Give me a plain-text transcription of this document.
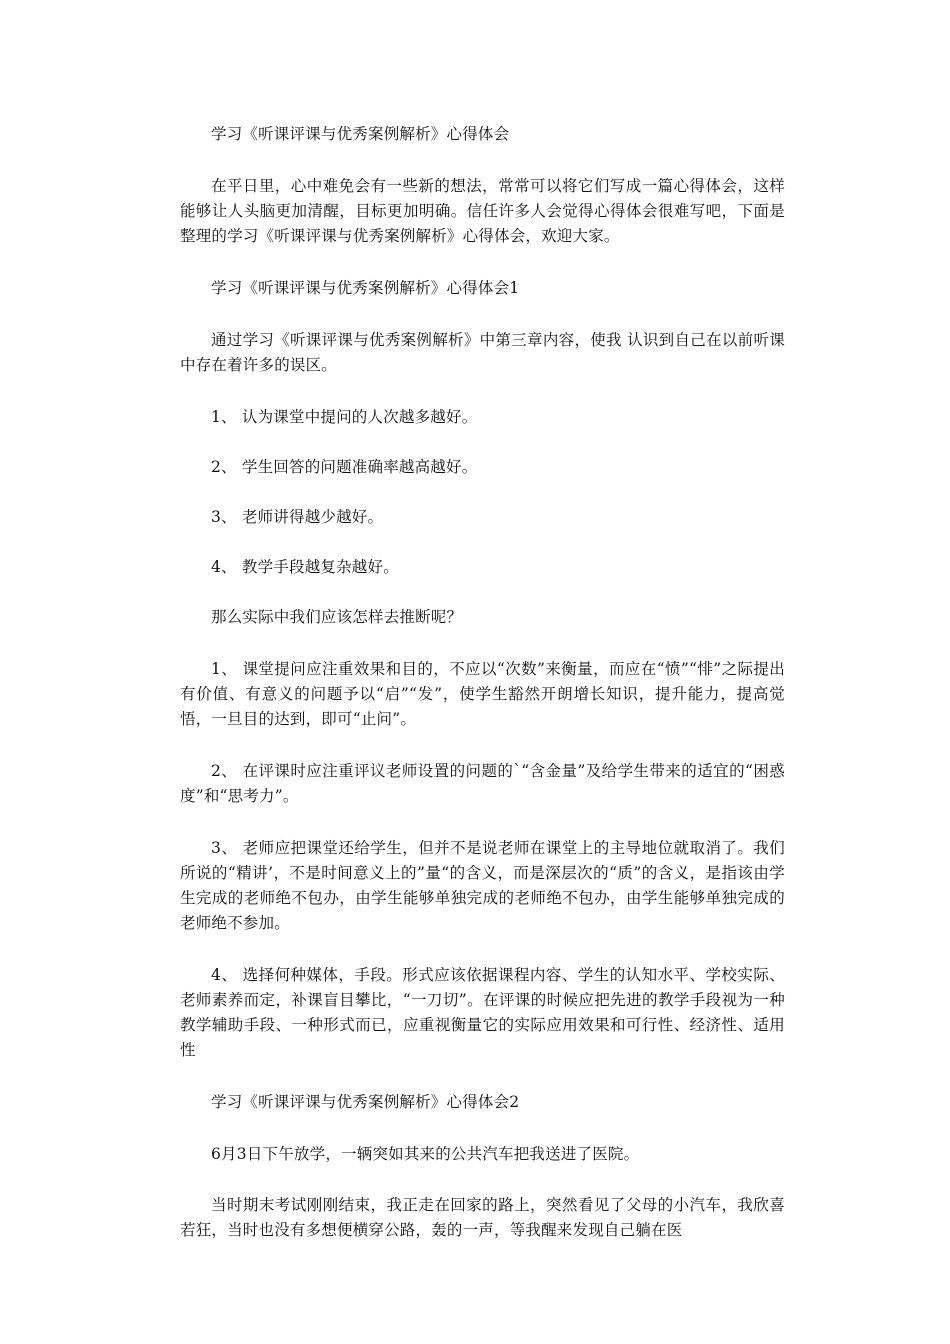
学习《听课评课与优秀案例解析》心得体会

在平日里，心中难免会有一些新的想法，常常可以将它们写成一篇心得体会，这样能够让人头脑更加清醒，目标更加明确。信任许多人会觉得心得体会很难写吧，下面是整理的学习《听课评课与优秀案例解析》心得体会，欢迎大家。

学习《听课评课与优秀案例解析》心得体会1

通过学习《听课评课与优秀案例解析》中第三章内容，使我 认识到自己在以前听课中存在着许多的误区。

1、 认为课堂中提问的人次越多越好。

2、 学生回答的问题准确率越高越好。

3、 老师讲得越少越好。

4、 教学手段越复杂越好。

那么实际中我们应该怎样去推断呢？

1、 课堂提问应注重效果和目的，不应以“次数”来衡量，而应在“愤”“悱”之际提出有价值、有意义的问题予以“启”“发”，使学生豁然开朗增长知识，提升能力，提高觉悟，一旦目的达到，即可“止问”。

2、 在评课时应注重评议老师设置的问题的`“含金量”及给学生带来的适宜的“困惑度”和“思考力”。

3、 老师应把课堂还给学生，但并不是说老师在课堂上的主导地位就取消了。我们所说的“精讲’，不是时间意义上的”量“的含义，而是深层次的“质”的含义，是指该由学生完成的老师绝不包办，由学生能够单独完成的老师绝不包办，由学生能够单独完成的老师绝不参加。

4、 选择何种媒体，手段。形式应该依据课程内容、学生的认知水平、学校实际、老师素养而定，补课盲目攀比，“一刀切”。在评课的时候应把先进的教学手段视为一种教学辅助手段、一种形式而已，应重视衡量它的实际应用效果和可行性、经济性、适用性

学习《听课评课与优秀案例解析》心得体会2

6月3日下午放学，一辆突如其来的公共汽车把我送进了医院。

当时期末考试刚刚结束，我正走在回家的路上，突然看见了父母的小汽车，我欣喜若狂，当时也没有多想便横穿公路，轰的一声，等我醒来发现自己躺在医
